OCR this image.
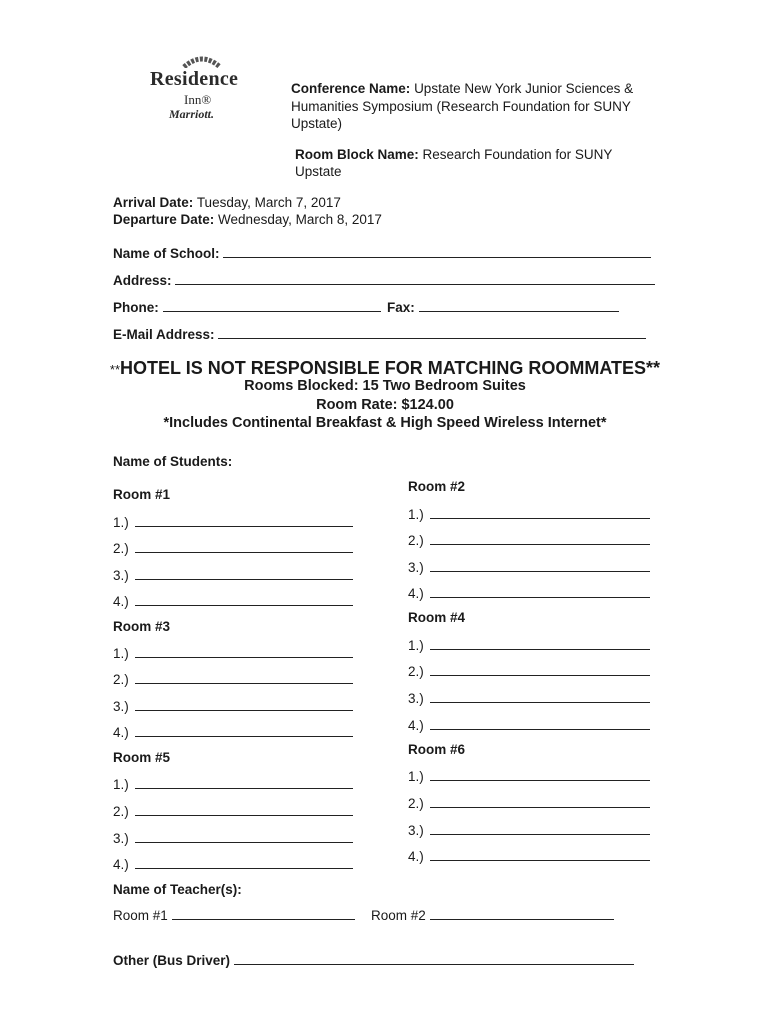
Residence
Inn®
Marriott.
Conference Name: Upstate New York Junior Sciences &
Humanities Symposium (Research Foundation for SUNY
Upstate)
Room Block Name: Research Foundation for SUNY
Upstate
Arrival Date: Tuesday, March 7, 2017
Departure Date: Wednesday, March 8, 2017
Name of School:
Address:
Phone:	Fax:
E-Mail Address:
**HOTEL IS NOT RESPONSIBLE FOR MATCHING ROOMMATES**
Rooms Blocked: 15 Two Bedroom Suites
Room Rate: $124.00
*Includes Continental Breakfast & High Speed Wireless Internet*
Name of Students:
Room #1
1.)
2.)
3.)
4.)
Room #3
1.)
2.)
3.)
4.)
Room #5
1.)
2.)
3.)
4.)
Room #2
1.)
2.)
3.)
4.)
Room #4
1.)
2.)
3.)
4.)
Room #6
1.)
2.)
3.)
4.)
Name of Teacher(s):
Room #1	Room #2
Other (Bus Driver)
